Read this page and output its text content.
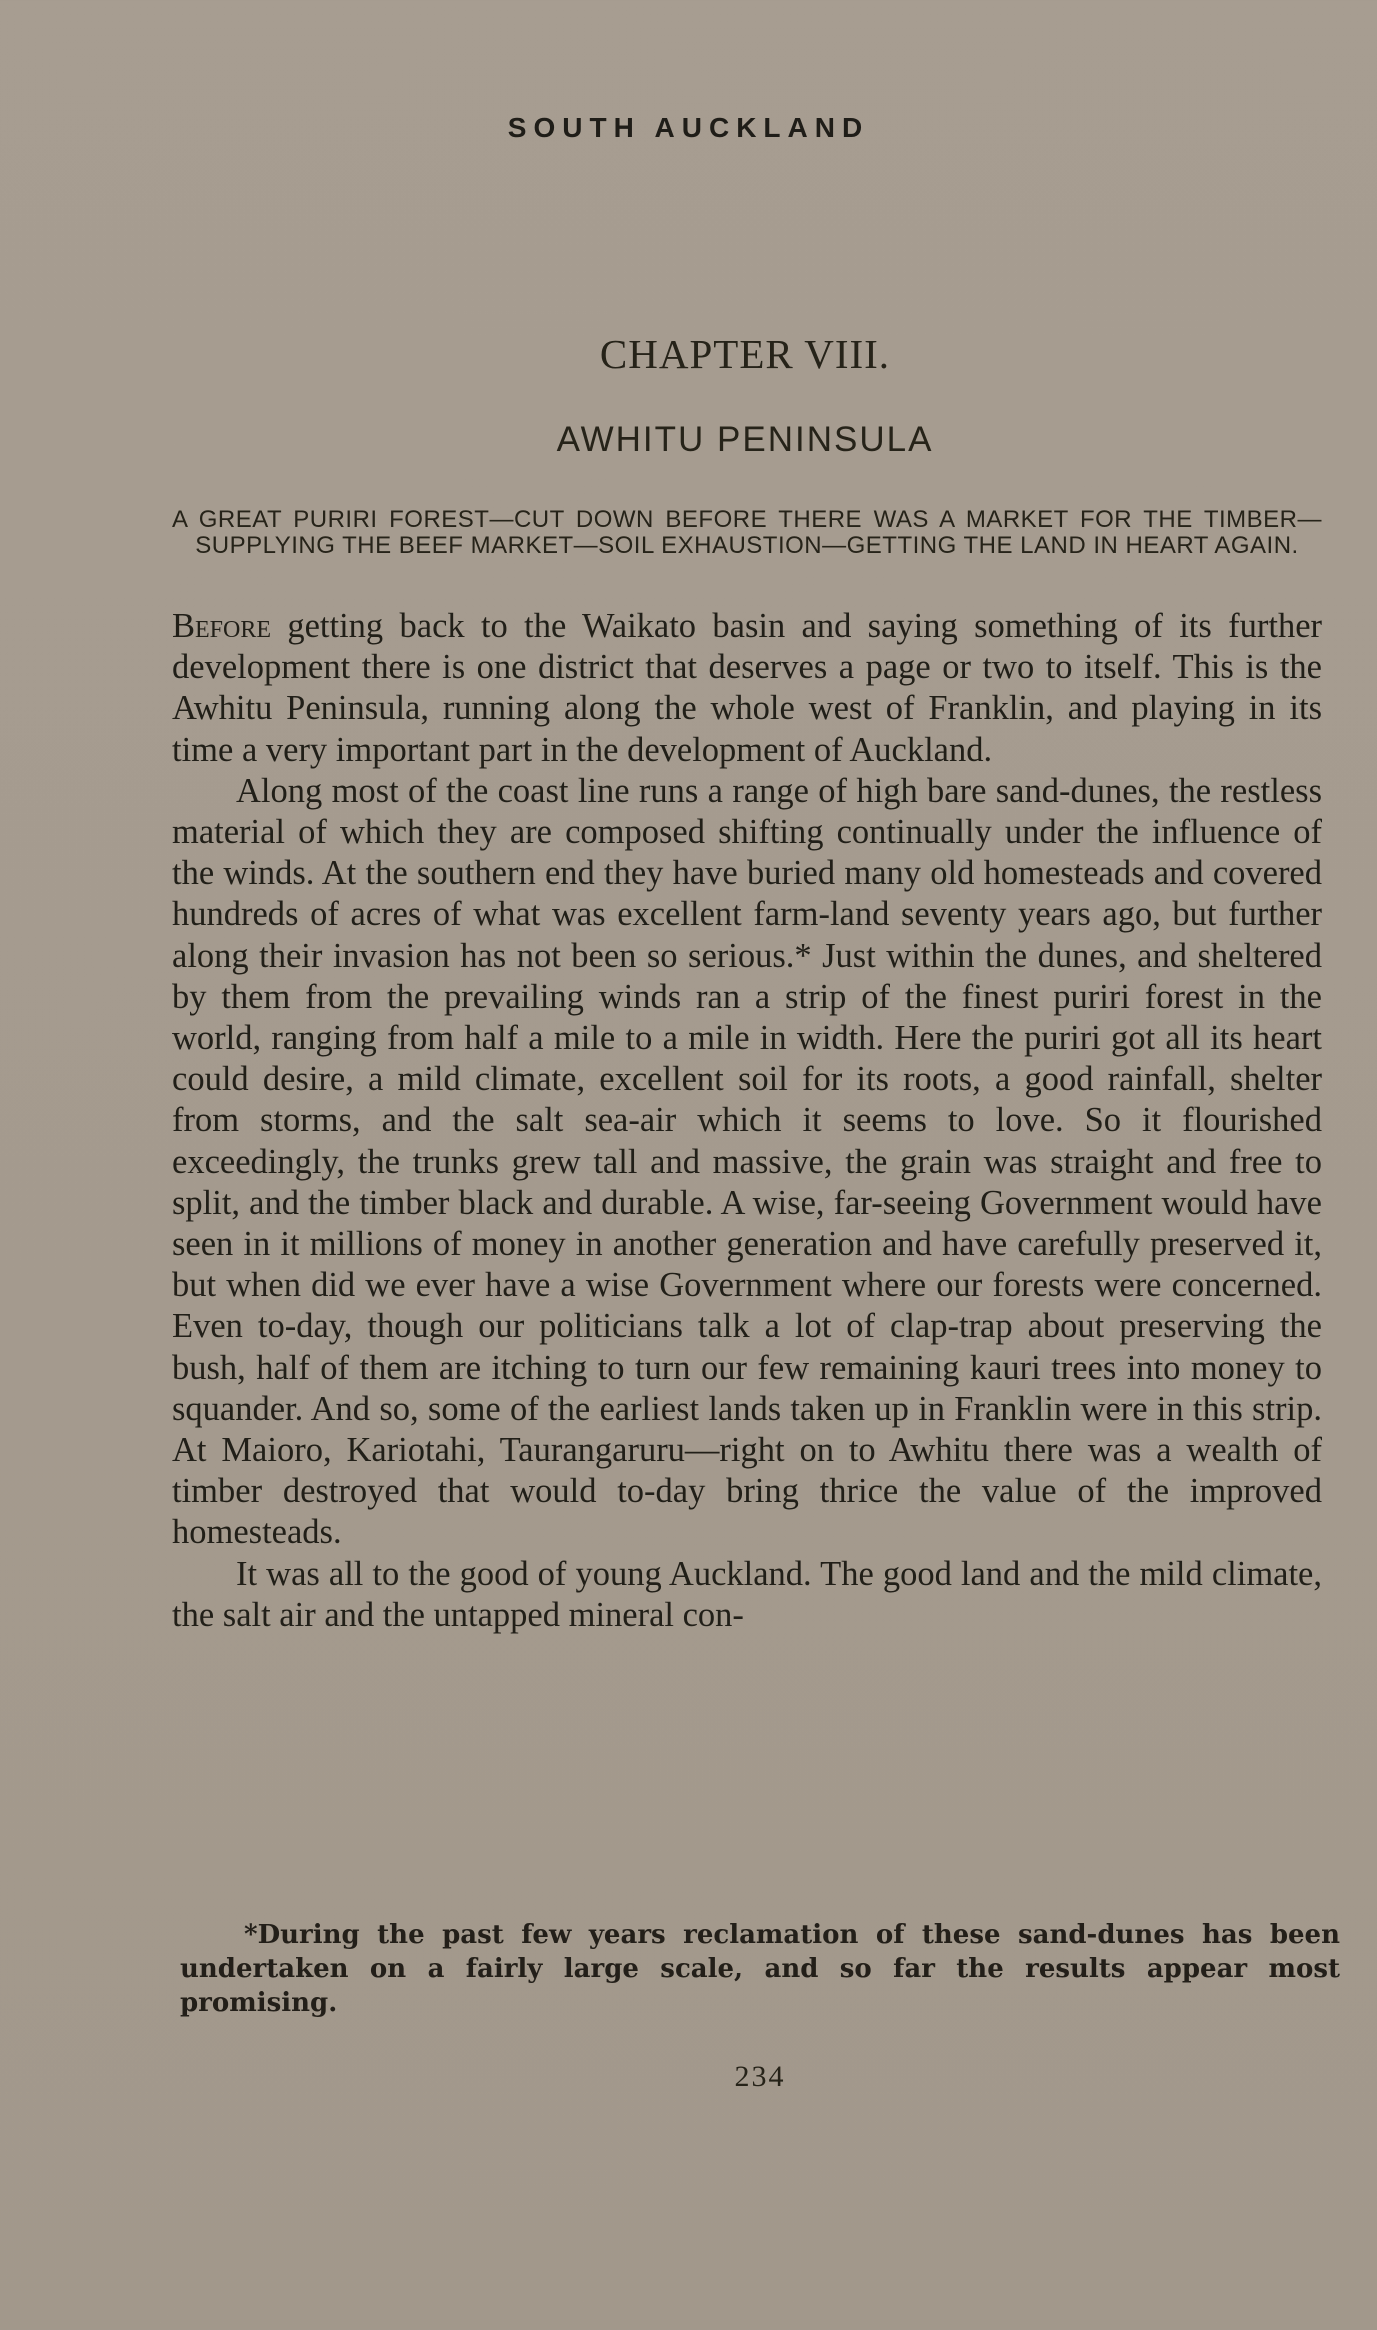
SOUTH AUCKLAND
CHAPTER VIII.
AWHITU PENINSULA
A GREAT PURIRI FOREST—CUT DOWN BEFORE THERE WAS A MARKET FOR THE TIMBER—SUPPLYING THE BEEF MARKET—SOIL EXHAUSTION—GETTING THE LAND IN HEART AGAIN.

Before getting back to the Waikato basin and saying something of its further development there is one district that deserves a page or two to itself. This is the Awhitu Peninsula, running along the whole west of Franklin, and playing in its time a very important part in the development of Auckland.

Along most of the coast line runs a range of high bare sand-dunes, the restless material of which they are composed shifting continually under the influence of the winds. At the southern end they have buried many old homesteads and covered hundreds of acres of what was excellent farm-land seventy years ago, but further along their invasion has not been so serious.* Just within the dunes, and sheltered by them from the prevailing winds ran a strip of the finest puriri forest in the world, ranging from half a mile to a mile in width. Here the puriri got all its heart could desire, a mild climate, excellent soil for its roots, a good rainfall, shelter from storms, and the salt sea-air which it seems to love. So it flourished exceedingly, the trunks grew tall and massive, the grain was straight and free to split, and the timber black and durable. A wise, far-seeing Government would have seen in it millions of money in another generation and have carefully preserved it, but when did we ever have a wise Government where our forests were concerned. Even to-day, though our politicians talk a lot of clap-trap about preserving the bush, half of them are itching to turn our few remaining kauri trees into money to squander. And so, some of the earliest lands taken up in Franklin were in this strip. At Maioro, Kariotahi, Taurangaruru—right on to Awhitu there was a wealth of timber destroyed that would to-day bring thrice the value of the improved homesteads.

It was all to the good of young Auckland. The good land and the mild climate, the salt air and the untapped mineral con-

*During the past few years reclamation of these sand-dunes has been undertaken on a fairly large scale, and so far the results appear most promising.

234
